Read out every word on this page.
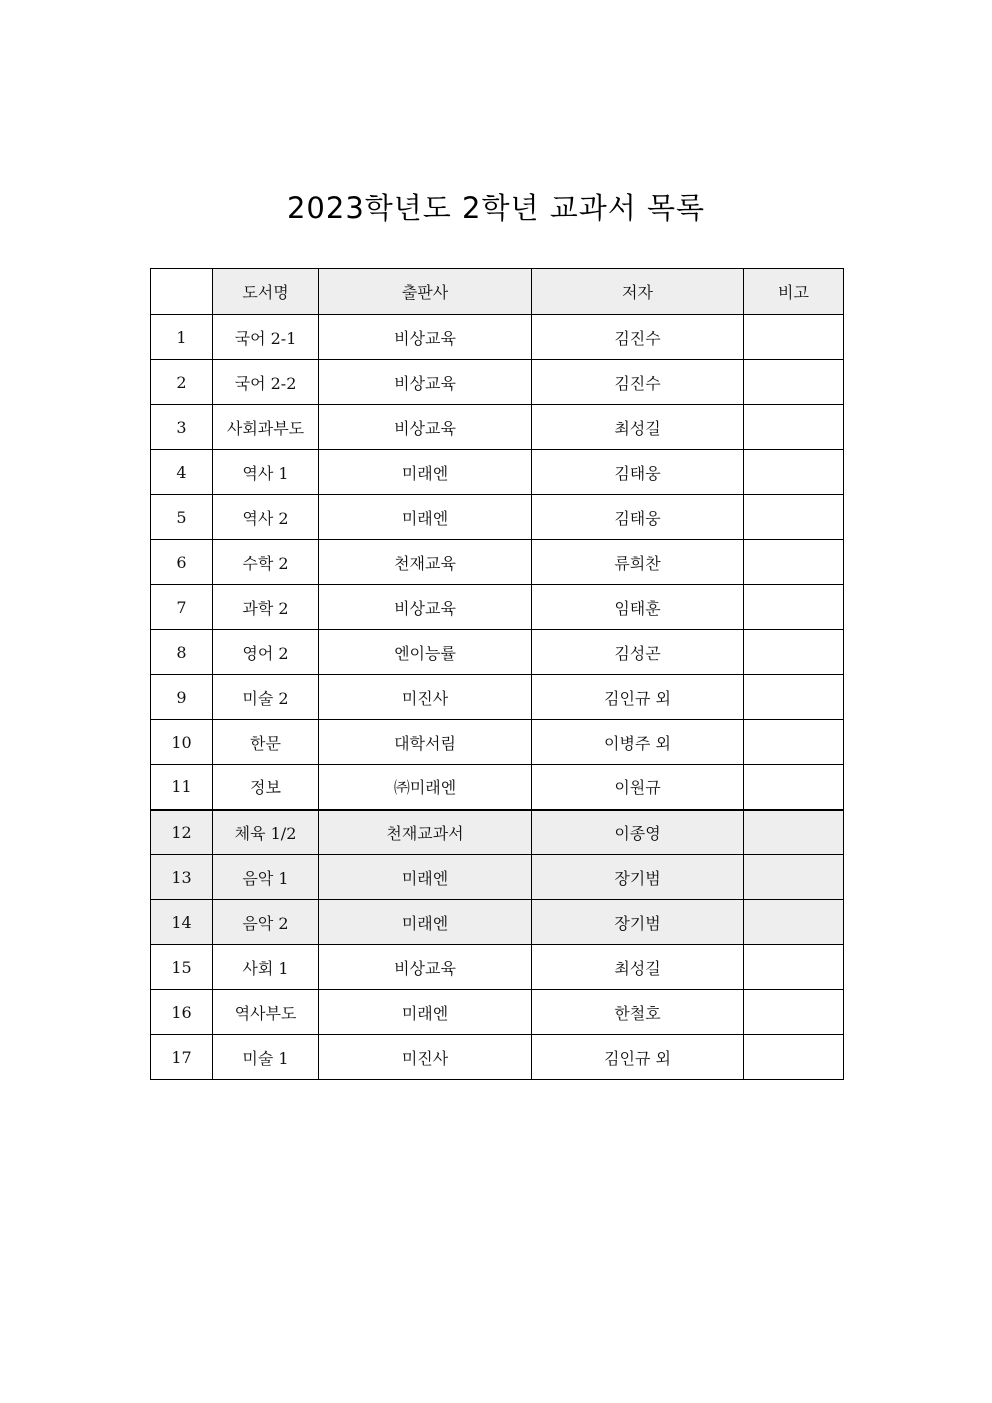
2023학년도 2학년 교과서 목록
	도서명	출판사	저자	비고
1	국어 2-1	비상교육	김진수	
2	국어 2-2	비상교육	김진수	
3	사회과부도	비상교육	최성길	
4	역사 1	미래엔	김태웅	
5	역사 2	미래엔	김태웅	
6	수학 2	천재교육	류희찬	
7	과학 2	비상교육	임태훈	
8	영어 2	엔이능률	김성곤	
9	미술 2	미진사	김인규 외	
10	한문	대학서림	이병주 외	
11	정보	㈜미래엔	이원규	
12	체육 1/2	천재교과서	이종영	
13	음악 1	미래엔	장기범	
14	음악 2	미래엔	장기범	
15	사회 1	비상교육	최성길	
16	역사부도	미래엔	한철호	
17	미술 1	미진사	김인규 외	
